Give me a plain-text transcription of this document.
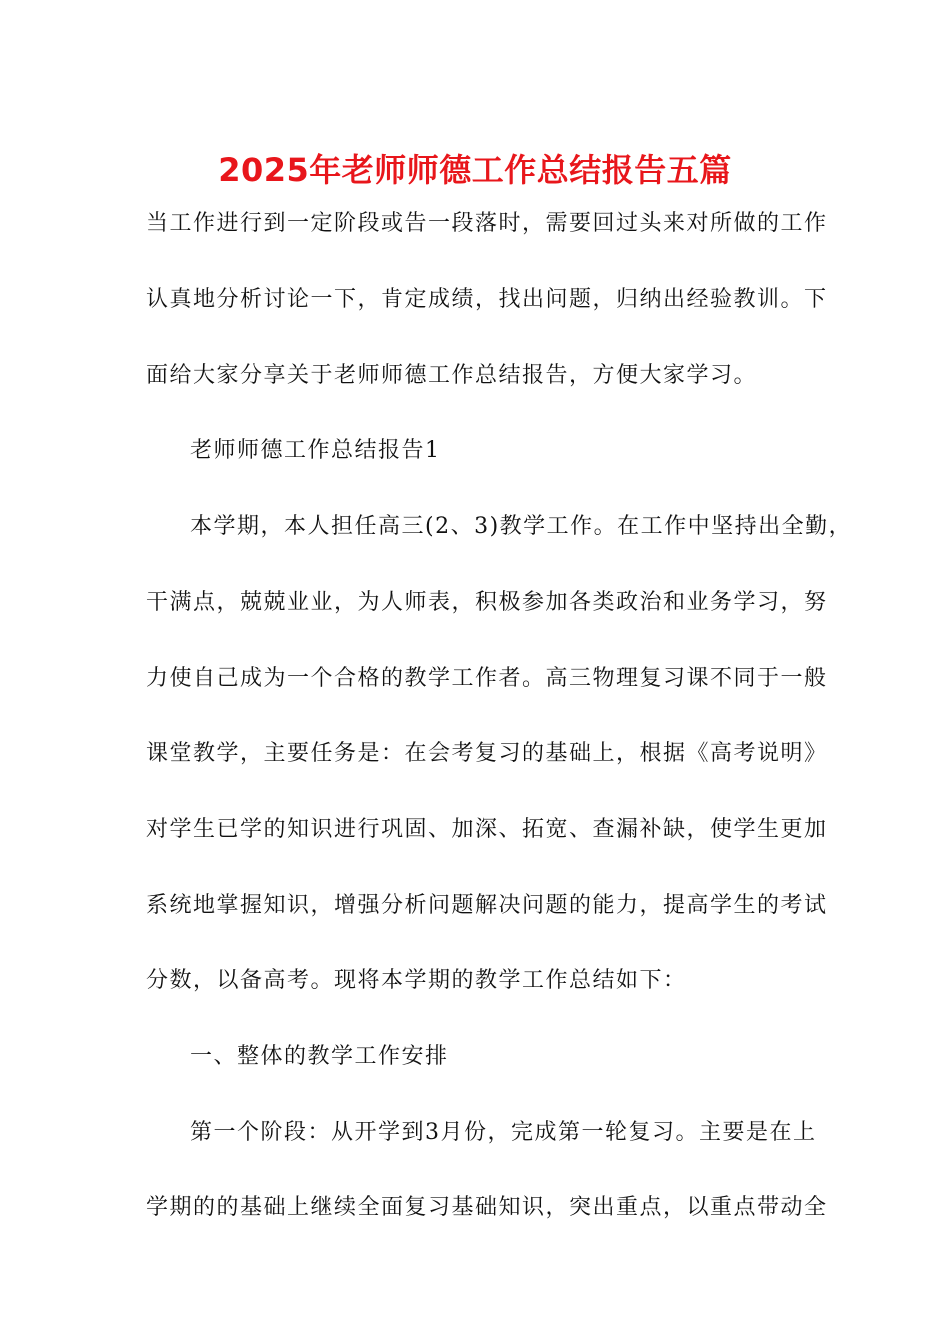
2025年老师师德工作总结报告五篇
当工作进行到一定阶段或告一段落时，需要回过头来对所做的工作
认真地分析讨论一下，肯定成绩，找出问题，归纳出经验教训。下
面给大家分享关于老师师德工作总结报告，方便大家学习。
老师师德工作总结报告1
本学期，本人担任高三(2、3)教学工作。在工作中坚持出全勤，
干满点，兢兢业业，为人师表，积极参加各类政治和业务学习，努
力使自己成为一个合格的教学工作者。高三物理复习课不同于一般
课堂教学，主要任务是：在会考复习的基础上，根据《高考说明》
对学生已学的知识进行巩固、加深、拓宽、查漏补缺，使学生更加
系统地掌握知识，增强分析问题解决问题的能力，提高学生的考试
分数，以备高考。现将本学期的教学工作总结如下：
一、整体的教学工作安排
第一个阶段：从开学到3月份，完成第一轮复习。主要是在上
学期的的基础上继续全面复习基础知识，突出重点，以重点带动全
